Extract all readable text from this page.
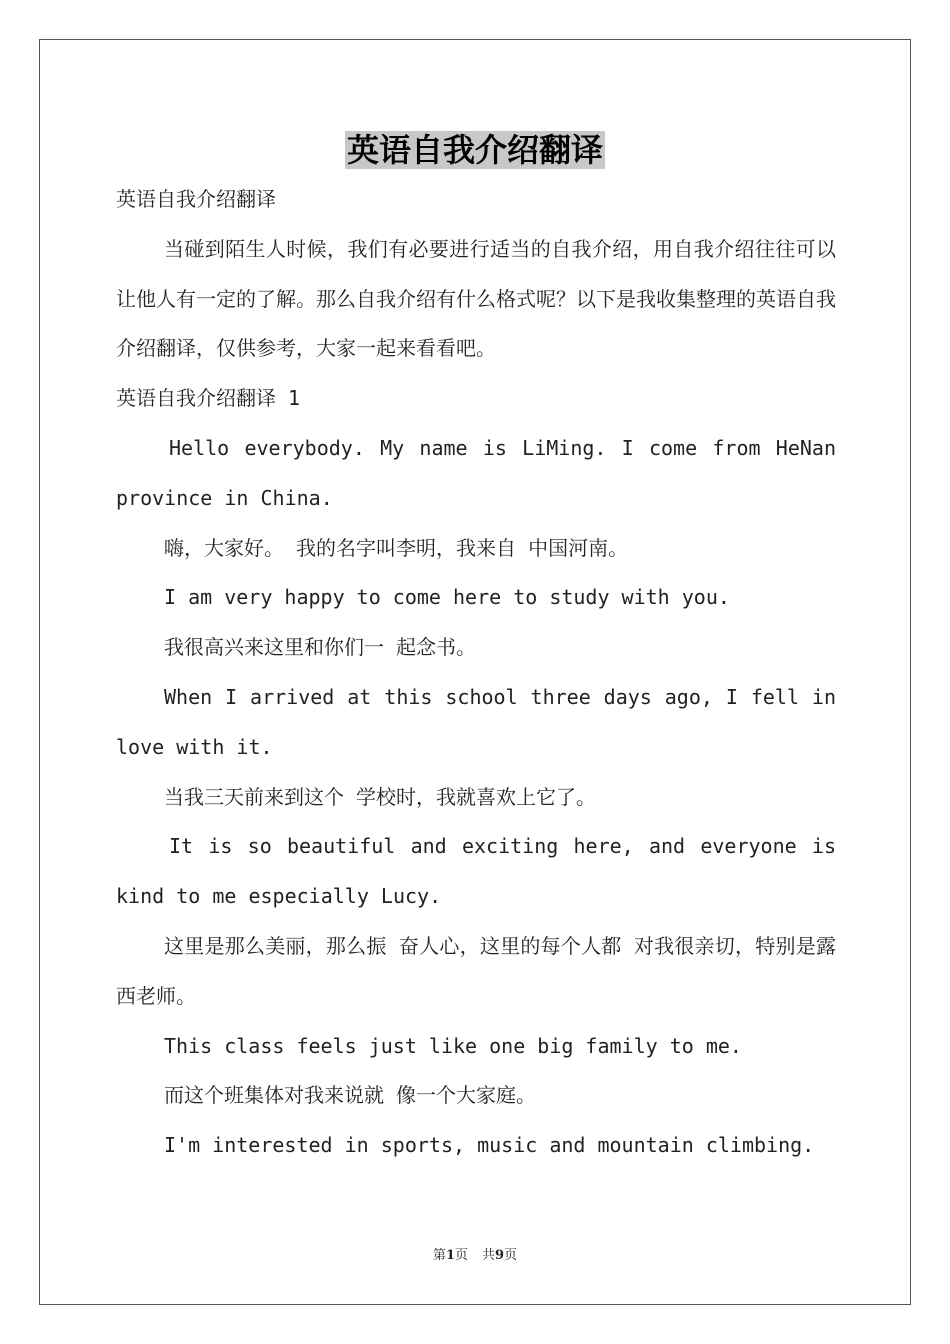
英语自我介绍翻译

英语自我介绍翻译

当碰到陌生人时候，我们有必要进行适当的自我介绍，用自我介绍往往可以让他人有一定的了解。那么自我介绍有什么格式呢？以下是我收集整理的英语自我介绍翻译，仅供参考，大家一起来看看吧。

英语自我介绍翻译 1

Hello everybody. My name is LiMing. I come from HeNan province in China.

嗨，大家好。 我的名字叫李明，我来自 中国河南。

I am very happy to come here to study with you.

我很高兴来这里和你们一 起念书。

When I arrived at this school three days ago, I fell in love with it.

当我三天前来到这个 学校时，我就喜欢上它了。

It is so beautiful and exciting here, and everyone is kind to me especially Lucy.

这里是那么美丽，那么振 奋人心，这里的每个人都 对我很亲切，特别是露西老师。

This class feels just like one big family to me.

而这个班集体对我来说就 像一个大家庭。

I'm interested in sports, music and mountain climbing.

第1页 共9页
